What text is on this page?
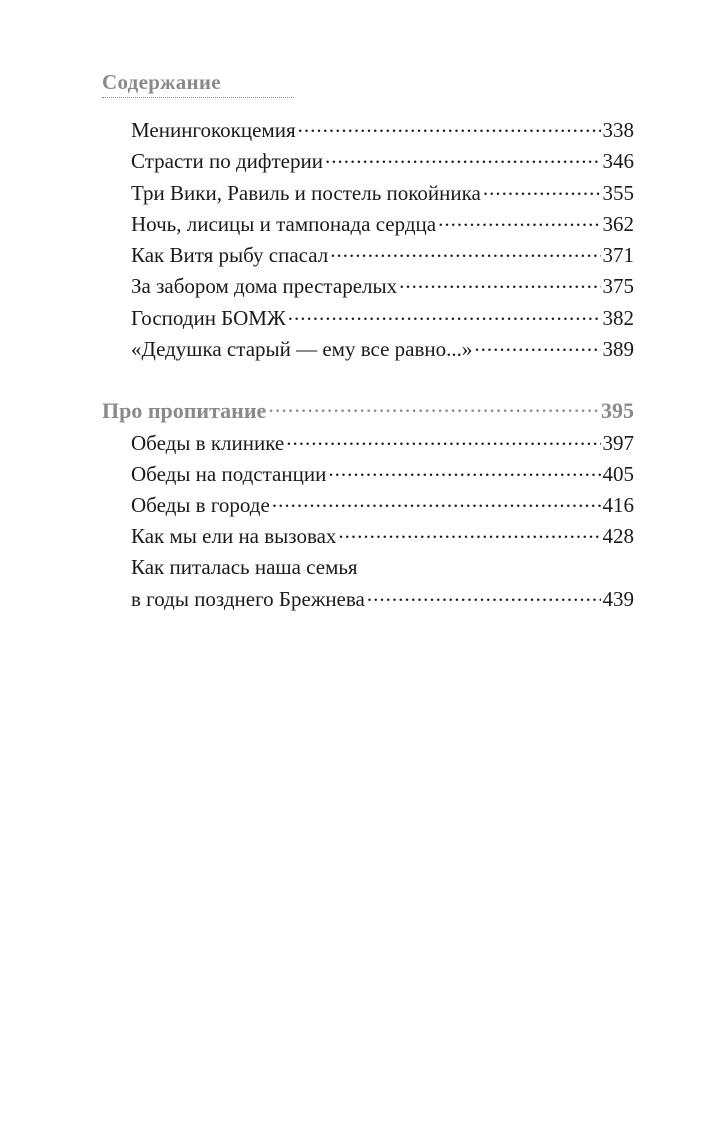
Содержание
Менингококцемия .....	338
Страсти по дифтерии .....	346
Три Вики, Равиль и постель покойника .....	355
Ночь, лисицы и тампонада сердца .....	362
Как Витя рыбу спасал .....	371
За забором дома престарелых .....	375
Господин БОМЖ .....	382
«Дедушка старый — ему все равно...» .....	389
Про пропитание .....	395
Обеды в клинике .....	397
Обеды на подстанции .....	405
Обеды в городе .....	416
Как мы ели на вызовах .....	428
Как питалась наша семья
в годы позднего Брежнева .....	439
